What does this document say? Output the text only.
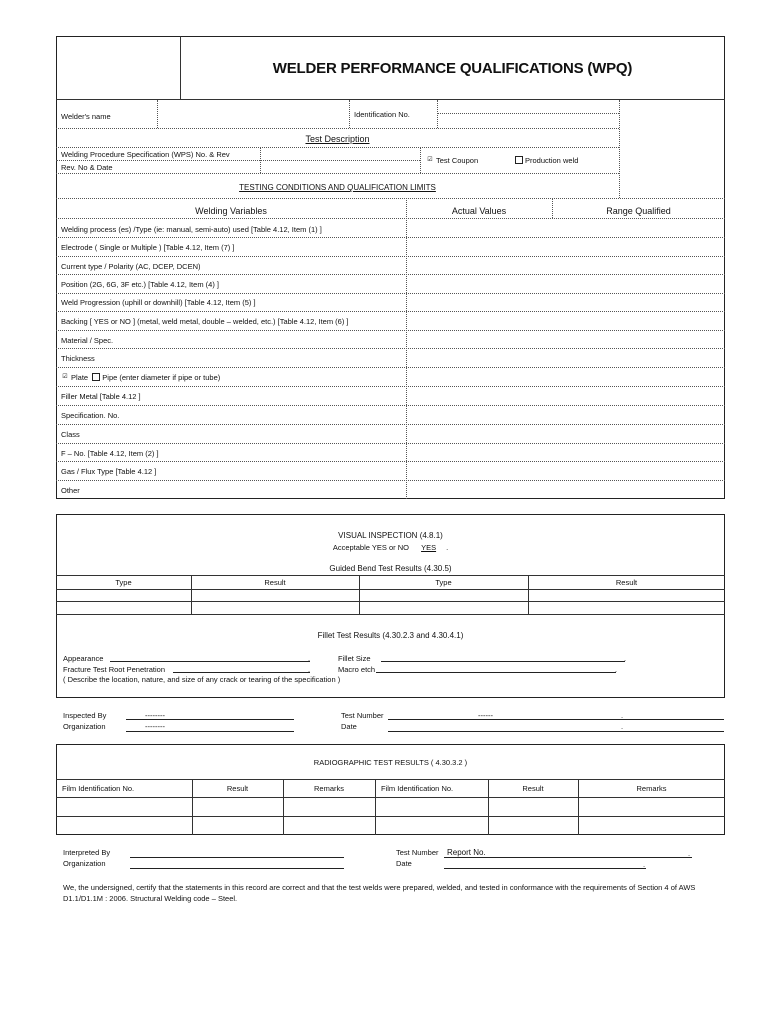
WELDER PERFORMANCE QUALIFICATIONS (WPQ)
Welder's name	Identification No.
Test Description
Welding Procedure Specification (WPS) No. & Rev
Rev. No & Date
☑ Test Coupon	Production weld
TESTING CONDITIONS AND QUALIFICATION LIMITS
Welding Variables	Actual Values	Range Qualified
Welding process (es) /Type (ie: manual, semi-auto) used [Table 4.12, Item (1) ]
Electrode ( Single or Multiple ) [Table 4.12, Item (7) ]
Current type / Polarity (AC, DCEP, DCEN)
Position (2G, 6G, 3F etc.) [Table 4.12, Item (4) ]
Weld Progression (uphill or downhill) [Table 4.12, Item (5) ]
Backing [ YES or NO ] (metal, weld metal, double – welded, etc.) [Table 4.12, Item (6) ]
Material / Spec.
Thickness
☑ Plate Pipe (enter diameter if pipe or tube)
Filler Metal [Table 4.12 ]
Specification. No.
Class
F – No. [Table 4.12, Item (2) ]
Gas / Flux Type [Table 4.12 ]
Other
VISUAL INSPECTION (4.8.1)
Acceptable YES or NO YES .
Guided Bend Test Results (4.30.5)
Type	Result	Type	Result
Fillet Test Results (4.30.2.3 and 4.30.4.1)
Appearance	.	Fillet Size	.
Fracture Test Root Penetration	.	Macro etch	.
( Describe the location, nature, and size of any crack or tearing of the specification )
Inspected By	--------
Organization	--------
Test Number	------	.
Date	.
RADIOGRAPHIC TEST RESULTS ( 4.30.3.2 )
Film Identification No.	Result	Remarks	Film Identification No.	Result	Remarks
Interpreted By
Organization
Test Number Report No.	.
Date	.
We, the undersigned, certify that the statements in this record are correct and that the test welds were prepared, welded, and tested in conformance with the requirements of Section 4 of AWS D1.1/D1.1M : 2006. Structural Welding code – Steel.
